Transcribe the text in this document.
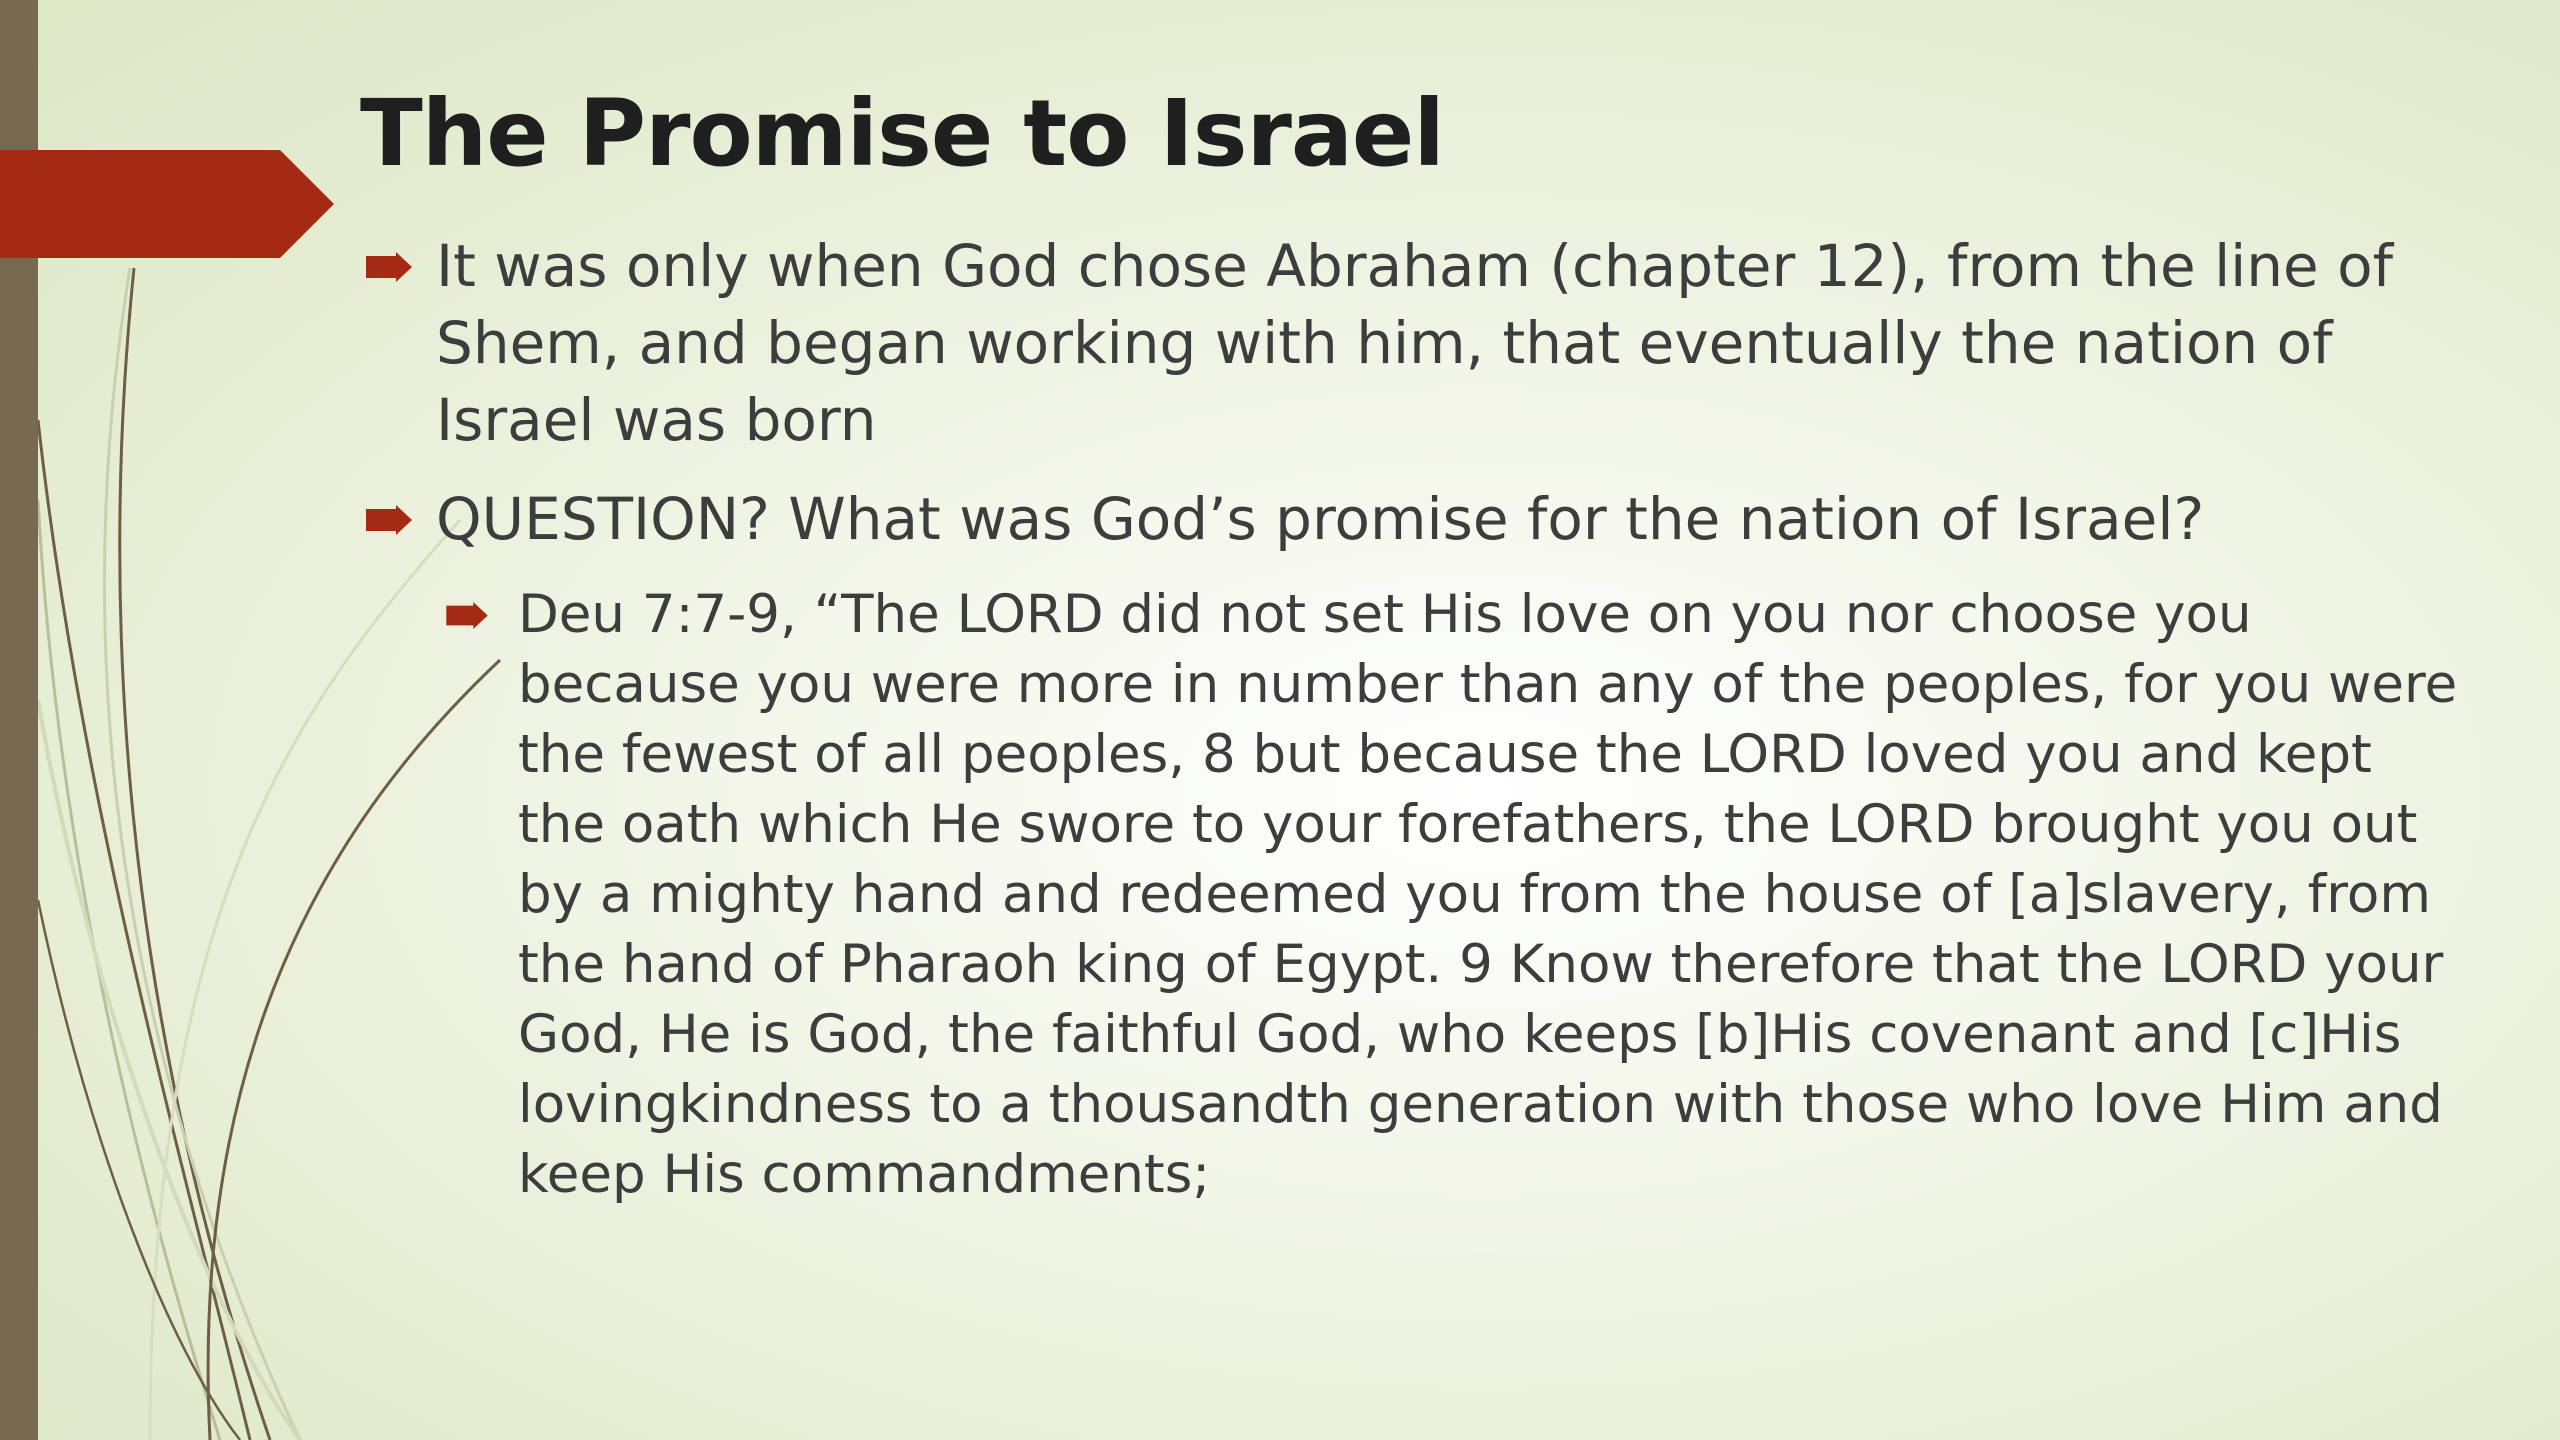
The Promise to Israel
It was only when God chose Abraham (chapter 12), from the line of Shem, and began working with him, that eventually the nation of Israel was born
QUESTION? What was God’s promise for the nation of Israel?
Deu 7:7-9, “The LORD did not set His love on you nor choose you because you were more in number than any of the peoples, for you were the fewest of all peoples, 8 but because the LORD loved you and kept the oath which He swore to your forefathers, the LORD brought you out by a mighty hand and redeemed you from the house of [a]slavery, from the hand of Pharaoh king of Egypt. 9 Know therefore that the LORD your God, He is God, the faithful God, who keeps [b]His covenant and [c]His lovingkindness to a thousandth generation with those who love Him and keep His commandments;
